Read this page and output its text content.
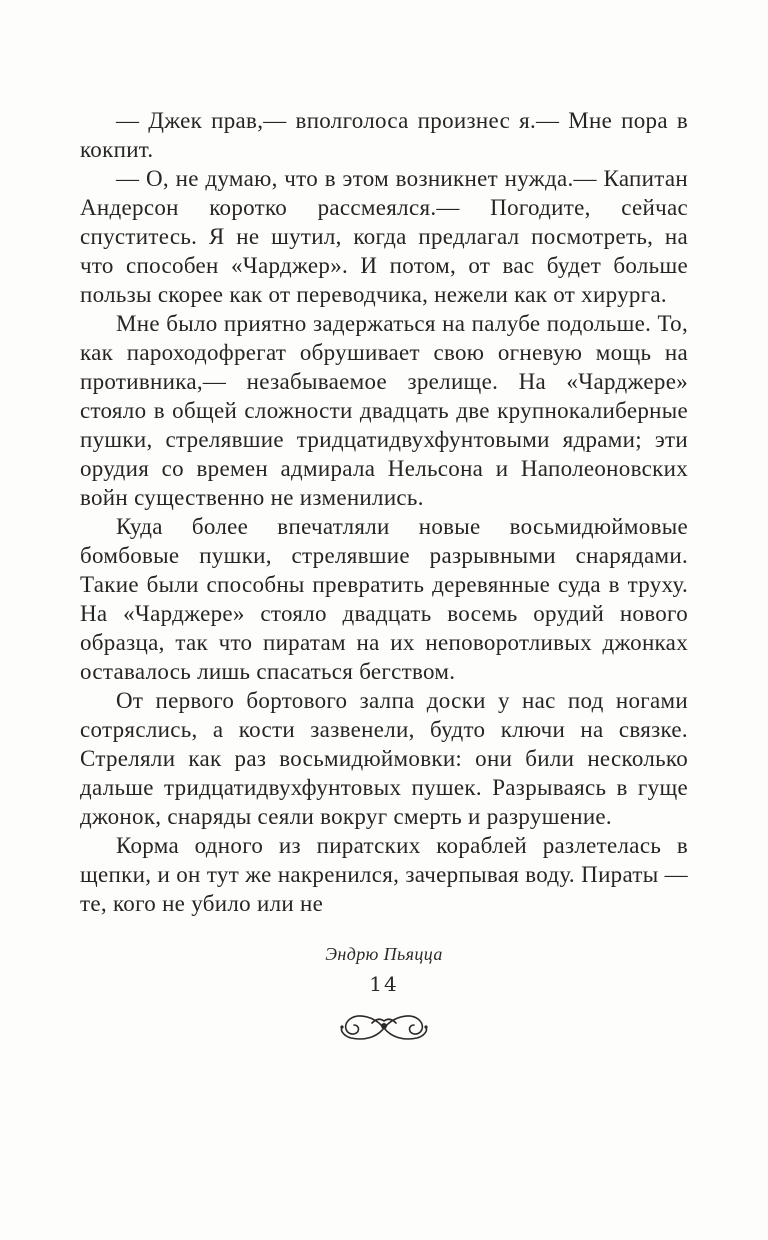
— Джек прав,— вполголоса произнес я.— Мне пора в кокпит.

— О, не думаю, что в этом возникнет нужда.— Капитан Андерсон коротко рассмеялся.— Погодите, сейчас спуститесь. Я не шутил, когда предлагал посмотреть, на что способен «Чарджер». И потом, от вас будет больше пользы скорее как от переводчика, нежели как от хирурга.

Мне было приятно задержаться на палубе подольше. То, как пароходофрегат обрушивает свою огневую мощь на противника,— незабываемое зрелище. На «Чарджере» стояло в общей сложности двадцать две крупнокалиберные пушки, стрелявшие тридцатидвухфунтовыми ядрами; эти орудия со времен адмирала Нельсона и Наполеоновских войн существенно не изменились.

Куда более впечатляли новые восьмидюймовые бомбовые пушки, стрелявшие разрывными снарядами. Такие были способны превратить деревянные суда в труху. На «Чарджере» стояло двадцать восемь орудий нового образца, так что пиратам на их неповоротливых джонках оставалось лишь спасаться бегством.

От первого бортового залпа доски у нас под ногами сотряслись, а кости зазвенели, будто ключи на связке. Стреляли как раз восьмидюймовки: они били несколько дальше тридцатидвухфунтовых пушек. Разрываясь в гуще джонок, снаряды сеяли вокруг смерть и разрушение.

Корма одного из пиратских кораблей разлетелась в щепки, и он тут же накренился, зачерпывая воду. Пираты — те, кого не убило или не

Эндрю Пьяцца
14
